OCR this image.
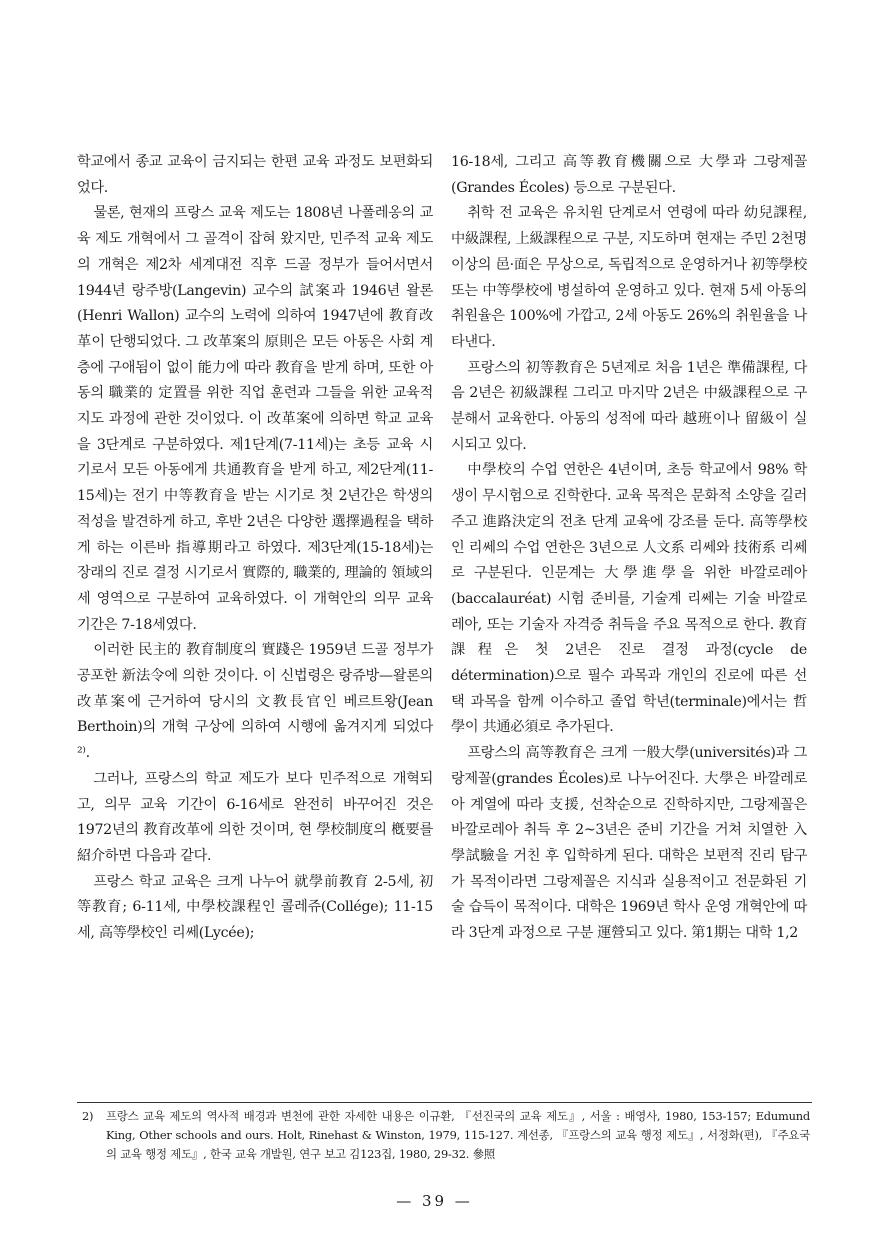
학교에서 종교 교육이 금지되는 한편 교육 과정도 보편화되었다.

물론, 현재의 프랑스 교육 제도는 1808년 나폴레옹의 교육 제도 개혁에서 그 골격이 잡혀 왔지만, 민주적 교육 제도의 개혁은 제2차 세계대전 직후 드골 정부가 들어서면서 1944년 랑주방(Langevin) 교수의 試案과 1946년 왈론(Henri Wallon) 교수의 노력에 의하여 1947년에 教育改革이 단행되었다. 그 改革案의 原則은 모든 아동은 사회 계층에 구애됨이 없이 能力에 따라 教育을 받게 하며, 또한 아동의 職業的 定置를 위한 직업 훈련과 그들을 위한 교육적 지도 과정에 관한 것이었다. 이 改革案에 의하면 학교 교육을 3단계로 구분하였다. 제1단계(7-11세)는 초등 교육 시기로서 모든 아동에게 共通教育을 받게 하고, 제2단계(11-15세)는 전기 中等教育을 받는 시기로 첫 2년간은 학생의 적성을 발견하게 하고, 후반 2년은 다양한 選擇過程을 택하게 하는 이른바 指導期라고 하였다. 제3단계(15-18세)는 장래의 진로 결정 시기로서 實際的, 職業的, 理論的 領域의 세 영역으로 구분하여 교육하였다. 이 개혁안의 의무 교육 기간은 7-18세였다.

이러한 民主的 教育制度의 實踐은 1959년 드골 정부가 공포한 新法令에 의한 것이다. 이 신법령은 랑쥬방—왈론의 改革案에 근거하여 당시의 文教長官인 베르트왕(Jean Berthoin)의 개혁 구상에 의하여 시행에 옮겨지게 되었다²⁾.

그러나, 프랑스의 학교 제도가 보다 민주적으로 개혁되고, 의무 교육 기간이 6-16세로 완전히 바꾸어진 것은 1972년의 教育改革에 의한 것이며, 현 學校制度의 槪要를 紹介하면 다음과 같다.

프랑스 학교 교육은 크게 나누어 就學前教育 2-5세, 初等教育; 6-11세, 中學校課程인 콜레쥬(Collége); 11-15세, 高等學校인 리쎄(Lycée);

16-18세, 그리고 高等教育機關으로 大學과 그랑제꼴(Grandes Écoles) 등으로 구분된다.

취학 전 교육은 유치원 단계로서 연령에 따라 幼兒課程, 中級課程, 上級課程으로 구분, 지도하며 현재는 주민 2천명 이상의 邑·面은 무상으로, 독립적으로 운영하거나 初等學校 또는 中等學校에 병설하여 운영하고 있다. 현재 5세 아동의 취원율은 100%에 가깝고, 2세 아동도 26%의 취원율을 나타낸다.

프랑스의 初等教育은 5년제로 처음 1년은 準備課程, 다음 2년은 初級課程 그리고 마지막 2년은 中級課程으로 구분해서 교육한다. 아동의 성적에 따라 越班이나 留級이 실시되고 있다.

中學校의 수업 연한은 4년이며, 초등 학교에서 98% 학생이 무시험으로 진학한다. 교육 목적은 문화적 소양을 길러 주고 進路決定의 전초 단계 교육에 강조를 둔다. 高等學校인 리쎄의 수업 연한은 3년으로 人文系 리쎄와 技術系 리쎄로 구분된다. 인문계는 大學進學을 위한 바깔로레아(baccalauréat) 시험 준비를, 기술계 리쎄는 기술 바깔로레아, 또는 기술자 자격증 취득을 주요 목적으로 한다. 教育課程은 첫 2년은 진로 결정 과정(cycle de détermination)으로 필수 과목과 개인의 진로에 따른 선택 과목을 함께 이수하고 졸업 학년(terminale)에서는 哲學이 共通必須로 추가된다.

프랑스의 高等教育은 크게 一般大學(universités)과 그랑제꼴(grandes Écoles)로 나누어진다. 大學은 바깔레로아 계열에 따라 支援, 선착순으로 진학하지만, 그랑제꼴은 바깔로레아 취득 후 2~3년은 준비 기간을 거쳐 치열한 入學試驗을 거친 후 입학하게 된다. 대학은 보편적 진리 탐구가 목적이라면 그랑제꼴은 지식과 실용적이고 전문화된 기술 습득이 목적이다. 대학은 1969년 학사 운영 개혁안에 따라 3단계 과정으로 구분 運營되고 있다. 第1期는 대학 1,2

2) 프랑스 교육 제도의 역사적 배경과 변천에 관한 자세한 내용은 이규환, 『선진국의 교육 제도』, 서울 : 배영사, 1980, 153-157; Edumund King, Other schools and ours. Holt, Rinehast & Winston, 1979, 115-127. 계선종, 『프랑스의 교육 행정 제도』, 서정화(편), 『주요국의 교육 행정 제도』, 한국 교육 개발원, 연구 보고 김123집, 1980, 29-32. 參照
— 39 —
